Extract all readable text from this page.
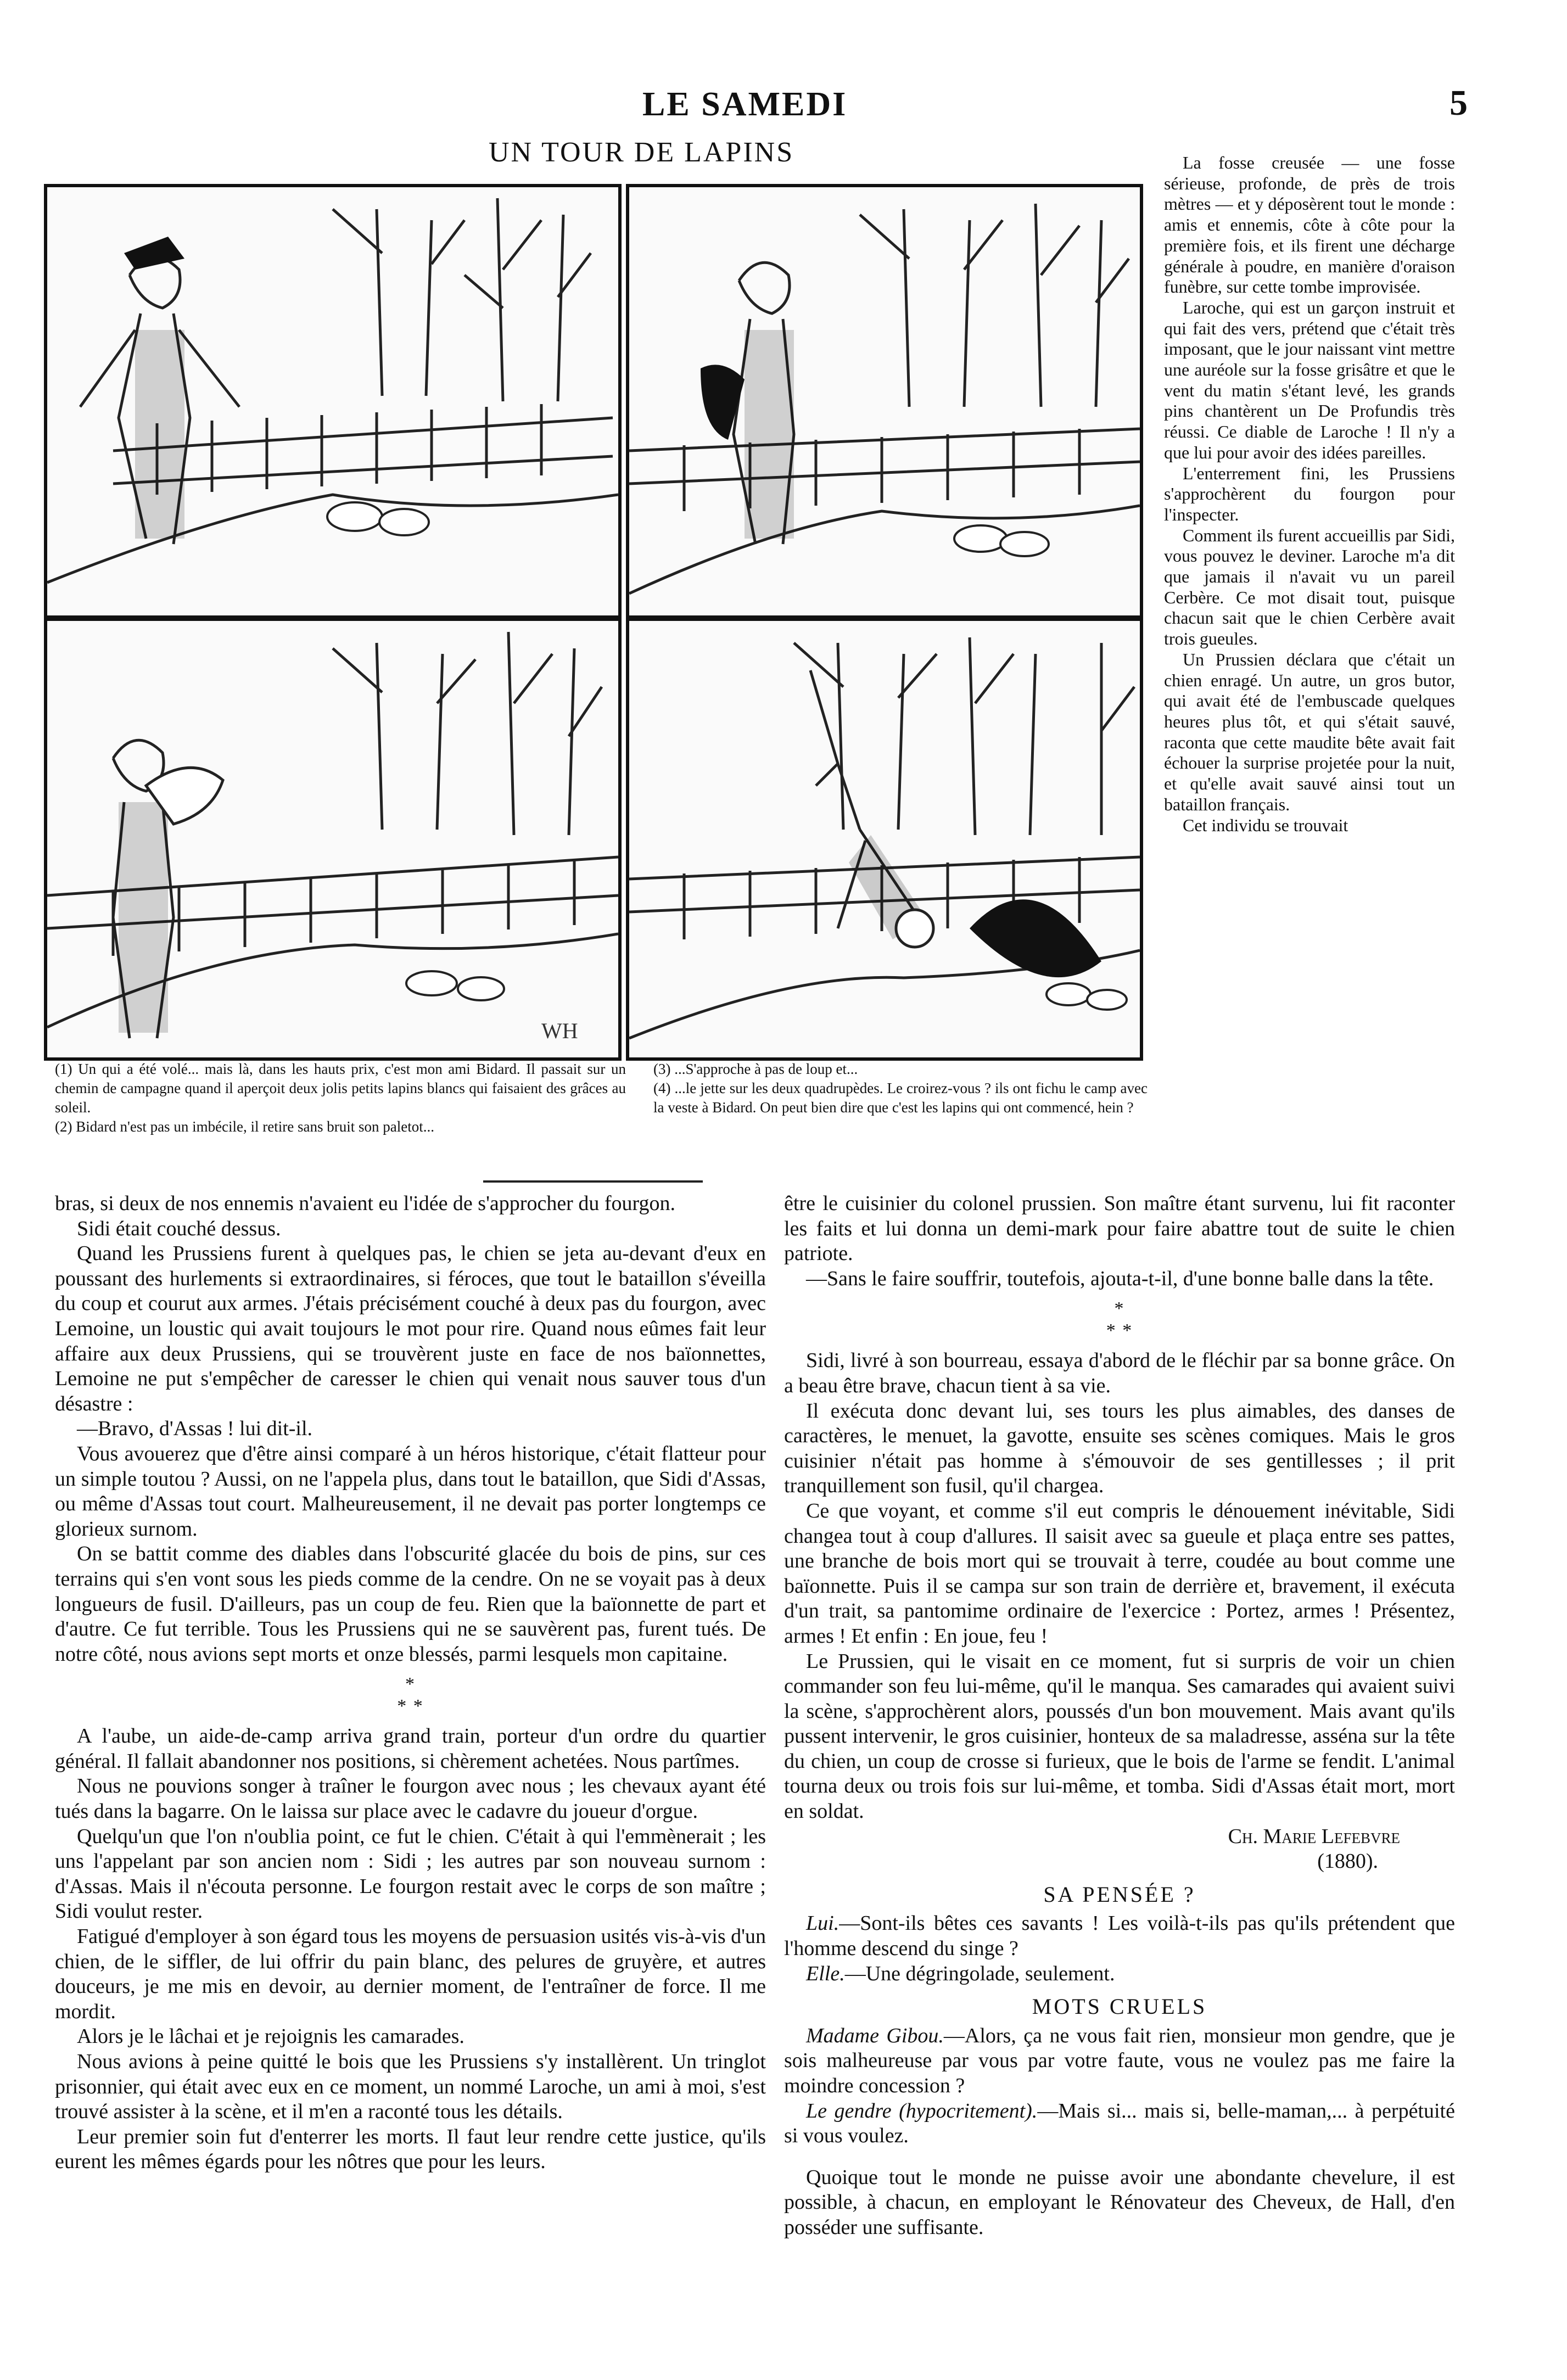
LE SAMEDI	5
UN TOUR DE LAPINS
WH
(1) Un qui a été volé... mais là, dans les hauts prix, c'est mon ami Bidard. Il passait sur un chemin de campagne quand il aperçoit deux jolis petits lapins blancs qui faisaient des grâces au soleil.
(2) Bidard n'est pas un imbécile, il retire sans bruit son paletot...
(3) ...S'approche à pas de loup et...
(4) ...le jette sur les deux quadrupèdes. Le croirez-vous ? ils ont fichu le camp avec la veste à Bidard. On peut bien dire que c'est les lapins qui ont commencé, hein ?

La fosse creusée — une fosse sérieuse, profonde, de près de trois mètres — et y déposèrent tout le monde : amis et ennemis, côte à côte pour la première fois, et ils firent une décharge générale à poudre, en manière d'oraison funèbre, sur cette tombe improvisée.

Laroche, qui est un garçon instruit et qui fait des vers, prétend que c'était très imposant, que le jour naissant vint mettre une auréole sur la fosse grisâtre et que le vent du matin s'étant levé, les grands pins chantèrent un De Profundis très réussi. Ce diable de Laroche ! Il n'y a que lui pour avoir des idées pareilles.

L'enterrement fini, les Prussiens s'approchèrent du fourgon pour l'inspecter.

Comment ils furent accueillis par Sidi, vous pouvez le deviner. Laroche m'a dit que jamais il n'avait vu un pareil Cerbère. Ce mot disait tout, puisque chacun sait que le chien Cerbère avait trois gueules.

Un Prussien déclara que c'était un chien enragé. Un autre, un gros butor, qui avait été de l'embuscade quelques heures plus tôt, et qui s'était sauvé, raconta que cette maudite bête avait fait échouer la surprise projetée pour la nuit, et qu'elle avait sauvé ainsi tout un bataillon français.

Cet individu se trouvait

bras, si deux de nos ennemis n'avaient eu l'idée de s'approcher du fourgon.

Sidi était couché dessus.

Quand les Prussiens furent à quelques pas, le chien se jeta au-devant d'eux en poussant des hurlements si extraordinaires, si féroces, que tout le bataillon s'éveilla du coup et courut aux armes. J'étais précisément couché à deux pas du fourgon, avec Lemoine, un loustic qui avait toujours le mot pour rire. Quand nous eûmes fait leur affaire aux deux Prussiens, qui se trouvèrent juste en face de nos baïonnettes, Lemoine ne put s'empêcher de caresser le chien qui venait nous sauver tous d'un désastre :

—Bravo, d'Assas ! lui dit-il.

Vous avouerez que d'être ainsi comparé à un héros historique, c'était flatteur pour un simple toutou ? Aussi, on ne l'appela plus, dans tout le bataillon, que Sidi d'Assas, ou même d'Assas tout court. Malheureusement, il ne devait pas porter longtemps ce glorieux surnom.

On se battit comme des diables dans l'obscurité glacée du bois de pins, sur ces terrains qui s'en vont sous les pieds comme de la cendre. On ne se voyait pas à deux longueurs de fusil. D'ailleurs, pas un coup de feu. Rien que la baïonnette de part et d'autre. Ce fut terrible. Tous les Prussiens qui ne se sauvèrent pas, furent tués. De notre côté, nous avions sept morts et onze blessés, parmi lesquels mon capitaine.

*
* *

A l'aube, un aide-de-camp arriva grand train, porteur d'un ordre du quartier général. Il fallait abandonner nos positions, si chèrement achetées. Nous partîmes.

Nous ne pouvions songer à traîner le fourgon avec nous ; les chevaux ayant été tués dans la bagarre. On le laissa sur place avec le cadavre du joueur d'orgue.

Quelqu'un que l'on n'oublia point, ce fut le chien. C'était à qui l'emmènerait ; les uns l'appelant par son ancien nom : Sidi ; les autres par son nouveau surnom : d'Assas. Mais il n'écouta personne. Le fourgon restait avec le corps de son maître ; Sidi voulut rester.

Fatigué d'employer à son égard tous les moyens de persuasion usités vis-à-vis d'un chien, de le siffler, de lui offrir du pain blanc, des pelures de gruyère, et autres douceurs, je me mis en devoir, au dernier moment, de l'entraîner de force. Il me mordit.

Alors je le lâchai et je rejoignis les camarades.

Nous avions à peine quitté le bois que les Prussiens s'y installèrent. Un tringlot prisonnier, qui était avec eux en ce moment, un nommé Laroche, un ami à moi, s'est trouvé assister à la scène, et il m'en a raconté tous les détails.

Leur premier soin fut d'enterrer les morts. Il faut leur rendre cette justice, qu'ils eurent les mêmes égards pour les nôtres que pour les leurs.

être le cuisinier du colonel prussien. Son maître étant survenu, lui fit raconter les faits et lui donna un demi-mark pour faire abattre tout de suite le chien patriote.

—Sans le faire souffrir, toutefois, ajouta-t-il, d'une bonne balle dans la tête.

*
* *

Sidi, livré à son bourreau, essaya d'abord de le fléchir par sa bonne grâce. On a beau être brave, chacun tient à sa vie.

Il exécuta donc devant lui, ses tours les plus aimables, des danses de caractères, le menuet, la gavotte, ensuite ses scènes comiques. Mais le gros cuisinier n'était pas homme à s'émouvoir de ses gentillesses ; il prit tranquillement son fusil, qu'il chargea.

Ce que voyant, et comme s'il eut compris le dénouement inévitable, Sidi changea tout à coup d'allures. Il saisit avec sa gueule et plaça entre ses pattes, une branche de bois mort qui se trouvait à terre, coudée au bout comme une baïonnette. Puis il se campa sur son train de derrière et, bravement, il exécuta d'un trait, sa pantomime ordinaire de l'exercice : Portez, armes ! Présentez, armes ! Et enfin : En joue, feu !

Le Prussien, qui le visait en ce moment, fut si surpris de voir un chien commander son feu lui-même, qu'il le manqua. Ses camarades qui avaient suivi la scène, s'approchèrent alors, poussés d'un bon mouvement. Mais avant qu'ils pussent intervenir, le gros cuisinier, honteux de sa maladresse, asséna sur la tête du chien, un coup de crosse si furieux, que le bois de l'arme se fendit. L'animal tourna deux ou trois fois sur lui-même, et tomba. Sidi d'Assas était mort, mort en soldat.

Ch. Marie Lefebvre
(1880).
SA PENSÉE ?

Lui.—Sont-ils bêtes ces savants ! Les voilà-t-ils pas qu'ils prétendent que l'homme descend du singe ?

Elle.—Une dégringolade, seulement.

MOTS CRUELS

Madame Gibou.—Alors, ça ne vous fait rien, monsieur mon gendre, que je sois malheureuse par vous par votre faute, vous ne voulez pas me faire la moindre concession ?

Le gendre (hypocritement).—Mais si... mais si, belle-maman,... à perpétuité si vous voulez.

Quoique tout le monde ne puisse avoir une abondante chevelure, il est possible, à chacun, en employant le Rénovateur des Cheveux, de Hall, d'en posséder une suffisante.
